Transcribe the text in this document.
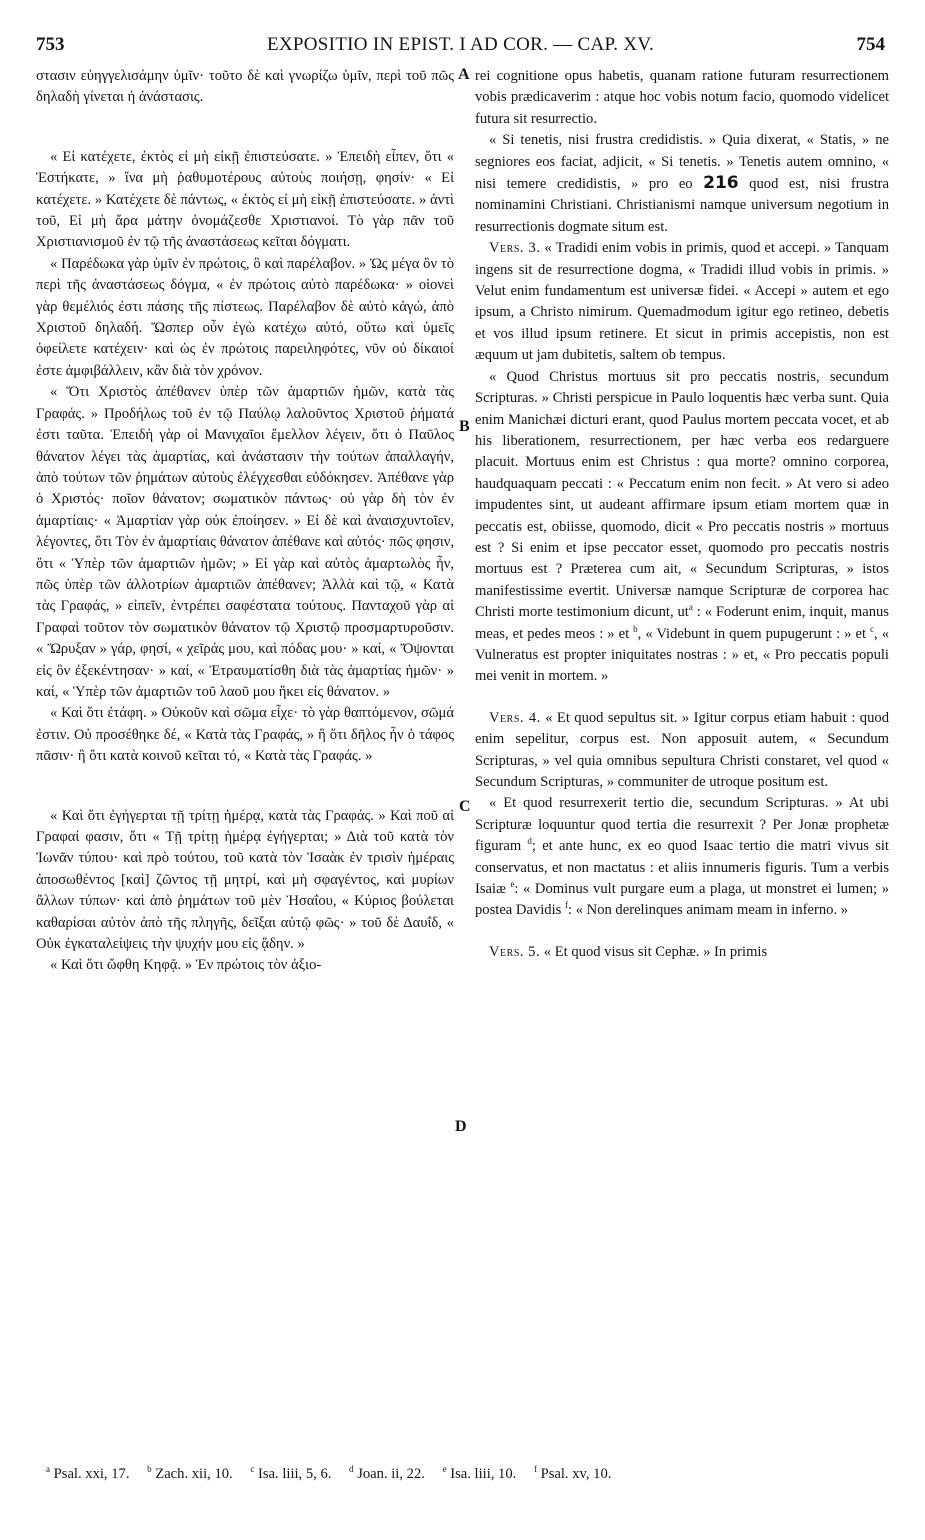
753	EXPOSITIO IN EPIST. I AD COR. — CAP. XV.	754
A
B
C
D

στασιν εὐηγγελισάμην ὑμῖν· τοῦτο δὲ καὶ γνωρίζω ὑμῖν, περὶ τοῦ πῶς δηλαδὴ γίνεται ἡ ἀνάστασις.

« Εἰ κατέχετε, ἐκτὸς εἰ μὴ εἰκῇ ἐπιστεύσατε. » Ἐπειδὴ εἶπεν, ὅτι « Ἑστήκατε, » ἵνα μὴ ῥαθυμοτέρους αὐτοὺς ποιήσῃ, φησίν· « Εἰ κατέχετε. » Κατέχετε δὲ πάντως, « ἐκτὸς εἰ μὴ εἰκῇ ἐπιστεύσατε. » ἀντὶ τοῦ, Εἰ μὴ ἄρα μάτην ὀνομάζεσθε Χριστιανοί. Τὸ γὰρ πᾶν τοῦ Χριστιανισμοῦ ἐν τῷ τῆς ἀναστάσεως κεῖται δόγματι.

« Παρέδωκα γὰρ ὑμῖν ἐν πρώτοις, ὃ καὶ παρέλαβον. » Ὡς μέγα ὂν τὸ περὶ τῆς ἀναστάσεως δόγμα, « ἐν πρώτοις αὐτὸ παρέδωκα· » οἱονεὶ γὰρ θεμέλιός ἐστι πάσης τῆς πίστεως. Παρέλαβον δὲ αὐτὸ κἀγώ, ἀπὸ Χριστοῦ δηλαδή. Ὥσπερ οὖν ἐγὼ κατέχω αὐτό, οὕτω καὶ ὑμεῖς ὀφείλετε κατέχειν· καὶ ὡς ἐν πρώτοις παρειληφότες, νῦν οὐ δίκαιοί ἐστε ἀμφιβάλλειν, κἂν διὰ τὸν χρόνον.

« Ὅτι Χριστὸς ἀπέθανεν ὑπὲρ τῶν ἁμαρτιῶν ἡμῶν, κατὰ τὰς Γραφάς. » Προδήλως τοῦ ἐν τῷ Παύλῳ λαλοῦντος Χριστοῦ ῥήματά ἐστι ταῦτα. Ἐπειδὴ γὰρ οἱ Μανιχαῖοι ἔμελλον λέγειν, ὅτι ὁ Παῦλος θάνατον λέγει τὰς ἁμαρτίας, καὶ ἀνάστασιν τὴν τούτων ἀπαλλαγήν, ἀπὸ τούτων τῶν ῥημάτων αὐτοὺς ἐλέγχεσθαι εὐδόκησεν. Ἀπέθανε γὰρ ὁ Χριστός· ποῖον θάνατον; σωματικὸν πάντως· οὐ γὰρ δὴ τὸν ἐν ἁμαρτίαις· « Ἁμαρτίαν γὰρ οὐκ ἐποίησεν. » Εἰ δὲ καὶ ἀναισχυντοῖεν, λέγοντες, ὅτι Τὸν ἐν ἁμαρτίαις θάνατον ἀπέθανε καὶ αὐτός· πῶς φησιν, ὅτι « Ὑπὲρ τῶν ἁμαρτιῶν ἡμῶν; » Εἰ γὰρ καὶ αὐτὸς ἁμαρτωλὸς ἦν, πῶς ὑπὲρ τῶν ἀλλοτρίων ἁμαρτιῶν ἀπέθανεν; Ἀλλὰ καὶ τῷ, « Κατὰ τὰς Γραφάς, » εἰπεῖν, ἐντρέπει σαφέστατα τούτους. Πανταχοῦ γὰρ αἱ Γραφαὶ τοῦτον τὸν σωματικὸν θάνατον τῷ Χριστῷ προσμαρτυροῦσιν. « Ὤρυξαν » γάρ, φησί, « χεῖράς μου, καὶ πόδας μου· » καί, « Ὄψονται εἰς ὃν ἐξεκέντησαν· » καί, « Ἐτραυματίσθη διὰ τὰς ἁμαρτίας ἡμῶν· » καί, « Ὑπὲρ τῶν ἁμαρτιῶν τοῦ λαοῦ μου ἥκει εἰς θάνατον. »

« Καὶ ὅτι ἐτάφη. » Οὐκοῦν καὶ σῶμα εἶχε· τὸ γὰρ θαπτόμενον, σῶμά ἐστιν. Οὐ προσέθηκε δέ, « Κατὰ τὰς Γραφάς, » ἢ ὅτι δῆλος ἦν ὁ τάφος πᾶσιν· ἢ ὅτι κατὰ κοινοῦ κεῖται τό, « Κατὰ τὰς Γραφάς. »

« Καὶ ὅτι ἐγήγερται τῇ τρίτῃ ἡμέρᾳ, κατὰ τὰς Γραφάς. » Καὶ ποῦ αἱ Γραφαί φασιν, ὅτι « Τῇ τρίτῃ ἡμέρᾳ ἐγήγερται; » Διὰ τοῦ κατὰ τὸν Ἰωνᾶν τύπου· καὶ πρὸ τούτου, τοῦ κατὰ τὸν Ἰσαὰκ ἐν τρισὶν ἡμέραις ἀποσωθέντος [καὶ] ζῶντος τῇ μητρί, καὶ μὴ σφαγέντος, καὶ μυρίων ἄλλων τύπων· καὶ ἀπὸ ῥημάτων τοῦ μὲν Ἠσαΐου, « Κύριος βούλεται καθαρίσαι αὐτὸν ἀπὸ τῆς πληγῆς, δεῖξαι αὐτῷ φῶς· » τοῦ δὲ Δαυΐδ, « Οὐκ ἐγκαταλείψεις τὴν ψυχήν μου εἰς ᾅδην. »

« Καὶ ὅτι ὤφθη Κηφᾷ. » Ἐν πρώτοις τὸν ἀξιο-

rei cognitione opus habetis, quanam ratione futuram resurrectionem vobis prædicaverim : atque hoc vobis notum facio, quomodo videlicet futura sit resurrectio.

« Si tenetis, nisi frustra credidistis. » Quia dixerat, « Statis, » ne segniores eos faciat, adjicit, « Si tenetis. » Tenetis autem omnino, « nisi temere credidistis, » pro eo 216 quod est, nisi frustra nominamini Christiani. Christianismi namque universum negotium in resurrectionis dogmate situm est.

Vers. 3. « Tradidi enim vobis in primis, quod et accepi. » Tanquam ingens sit de resurrectione dogma, « Tradidi illud vobis in primis. » Velut enim fundamentum est universæ fidei. « Accepi » autem et ego ipsum, a Christo nimirum. Quemadmodum igitur ego retineo, debetis et vos illud ipsum retinere. Et sicut in primis accepistis, non est æquum ut jam dubitetis, saltem ob tempus.

« Quod Christus mortuus sit pro peccatis nostris, secundum Scripturas. » Christi perspicue in Paulo loquentis hæc verba sunt. Quia enim Manichæi dicturi erant, quod Paulus mortem peccata vocet, et ab his liberationem, resurrectionem, per hæc verba eos redarguere placuit. Mortuus enim est Christus : qua morte? omnino corporea, haudquaquam peccati : « Peccatum enim non fecit. » At vero si adeo impudentes sint, ut audeant affirmare ipsum etiam mortem quæ in peccatis est, obiisse, quomodo, dicit « Pro peccatis nostris » mortuus est ? Si enim et ipse peccator esset, quomodo pro peccatis nostris mortuus est ? Præterea cum ait, « Secundum Scripturas, » istos manifestissime evertit. Universæ namque Scripturæ de corporea hac Christi morte testimonium dicunt, $ut^a$ : « Foderunt enim, inquit, manus meas, et pedes meos : » et $^b$, « Videbunt in quem pupugerunt : » et $^c$, « Vulneratus est propter iniquitates nostras : » et, « Pro peccatis populi mei venit in mortem. »

Vers. 4. « Et quod sepultus sit. » Igitur corpus etiam habuit : quod enim sepelitur, corpus est. Non apposuit autem, « Secundum Scripturas, » vel quia omnibus sepultura Christi constaret, vel quod « Secundum Scripturas, » communiter de utroque positum est.

« Et quod resurrexerit tertio die, secundum Scripturas. » At ubi Scripturæ loquuntur quod tertia die resurrexit ? Per Jonæ prophetæ figuram $^d$; et ante hunc, ex eo quod Isaac tertio die matri vivus sit conservatus, et non mactatus : et aliis innumeris figuris. Tum a verbis Isaiæ $^e$: « Dominus vult purgare eum a plaga, ut monstret ei lumen; » postea Davidis $^f$: « Non derelinques animam meam in inferno. »

Vers. 5. « Et quod visus sit Cephæ. » In primis

$^a$ Psal. xxi, 17. $^b$ Zach. xii, 10. $^c$ Isa. liii, 5, 6. $^d$ Joan. ii, 22. $^e$ Isa. liii, 10. $^f$ Psal. xv, 10.
